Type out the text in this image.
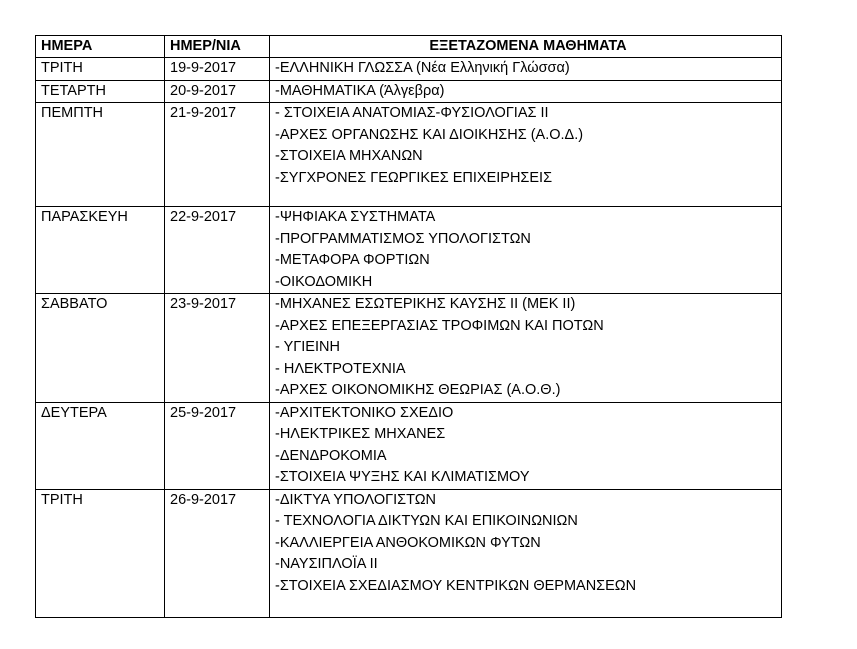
ΗΜΕΡΑ	ΗΜΕΡ/ΝΙΑ	ΕΞΕΤΑΖΟΜΕΝΑ ΜΑΘΗΜΑΤΑ
ΤΡΙΤΗ	19-9-2017	-ΕΛΛΗΝΙΚΗ ΓΛΩΣΣΑ (Νέα Ελληνική Γλώσσα)

ΤΕΤΑΡΤΗ	20-9-2017	-ΜΑΘΗΜΑΤΙΚΑ (Άλγεβρα)

ΠΕΜΠΤΗ	21-9-2017	- ΣΤΟΙΧΕΙΑ ΑΝΑΤΟΜΙΑΣ-ΦΥΣΙΟΛΟΓΙΑΣ ΙΙ
-ΑΡΧΕΣ ΟΡΓΑΝΩΣΗΣ ΚΑΙ ΔΙΟΙΚΗΣΗΣ (Α.Ο.Δ.)
-ΣΤΟΙΧΕΙΑ ΜΗΧΑΝΩΝ
-ΣΥΓΧΡΟΝΕΣ ΓΕΩΡΓΙΚΕΣ ΕΠΙΧΕΙΡΗΣΕΙΣ

ΠΑΡΑΣΚΕΥΗ	22-9-2017	-ΨΗΦΙΑΚΑ ΣΥΣΤΗΜΑΤΑ
-ΠΡΟΓΡΑΜΜΑΤΙΣΜΟΣ ΥΠΟΛΟΓΙΣΤΩΝ
-ΜΕΤΑΦΟΡΑ ΦΟΡΤΙΩΝ
-ΟΙΚΟΔΟΜΙΚΗ

ΣΑΒΒΑΤΟ	23-9-2017	-ΜΗΧΑΝΕΣ ΕΣΩΤΕΡΙΚΗΣ ΚΑΥΣΗΣ ΙΙ (ΜΕΚ ΙΙ)
-ΑΡΧΕΣ ΕΠΕΞΕΡΓΑΣΙΑΣ ΤΡΟΦΙΜΩΝ ΚΑΙ ΠΟΤΩΝ
- ΥΓΙΕΙΝΗ
- ΗΛΕΚΤΡΟΤΕΧΝΙΑ
-ΑΡΧΕΣ ΟΙΚΟΝΟΜΙΚΗΣ ΘΕΩΡΙΑΣ (Α.Ο.Θ.)

ΔΕΥΤΕΡΑ	25-9-2017	-ΑΡΧΙΤΕΚΤΟΝΙΚΟ ΣΧΕΔΙΟ
-ΗΛΕΚΤΡΙΚΕΣ ΜΗΧΑΝΕΣ
-ΔΕΝΔΡΟΚΟΜΙΑ
-ΣΤΟΙΧΕΙΑ ΨΥΞΗΣ ΚΑΙ ΚΛΙΜΑΤΙΣΜΟΥ

ΤΡΙΤΗ	26-9-2017	-ΔΙΚΤΥΑ ΥΠΟΛΟΓΙΣΤΩΝ
- ΤΕΧΝΟΛΟΓΙΑ ΔΙΚΤΥΩΝ ΚΑΙ ΕΠΙΚΟΙΝΩΝΙΩΝ
-ΚΑΛΛΙΕΡΓΕΙΑ ΑΝΘΟΚΟΜΙΚΩΝ ΦΥΤΩΝ
-ΝΑΥΣΙΠΛΟΪΑ ΙΙ
-ΣΤΟΙΧΕΙΑ ΣΧΕΔΙΑΣΜΟΥ ΚΕΝΤΡΙΚΩΝ ΘΕΡΜΑΝΣΕΩΝ
